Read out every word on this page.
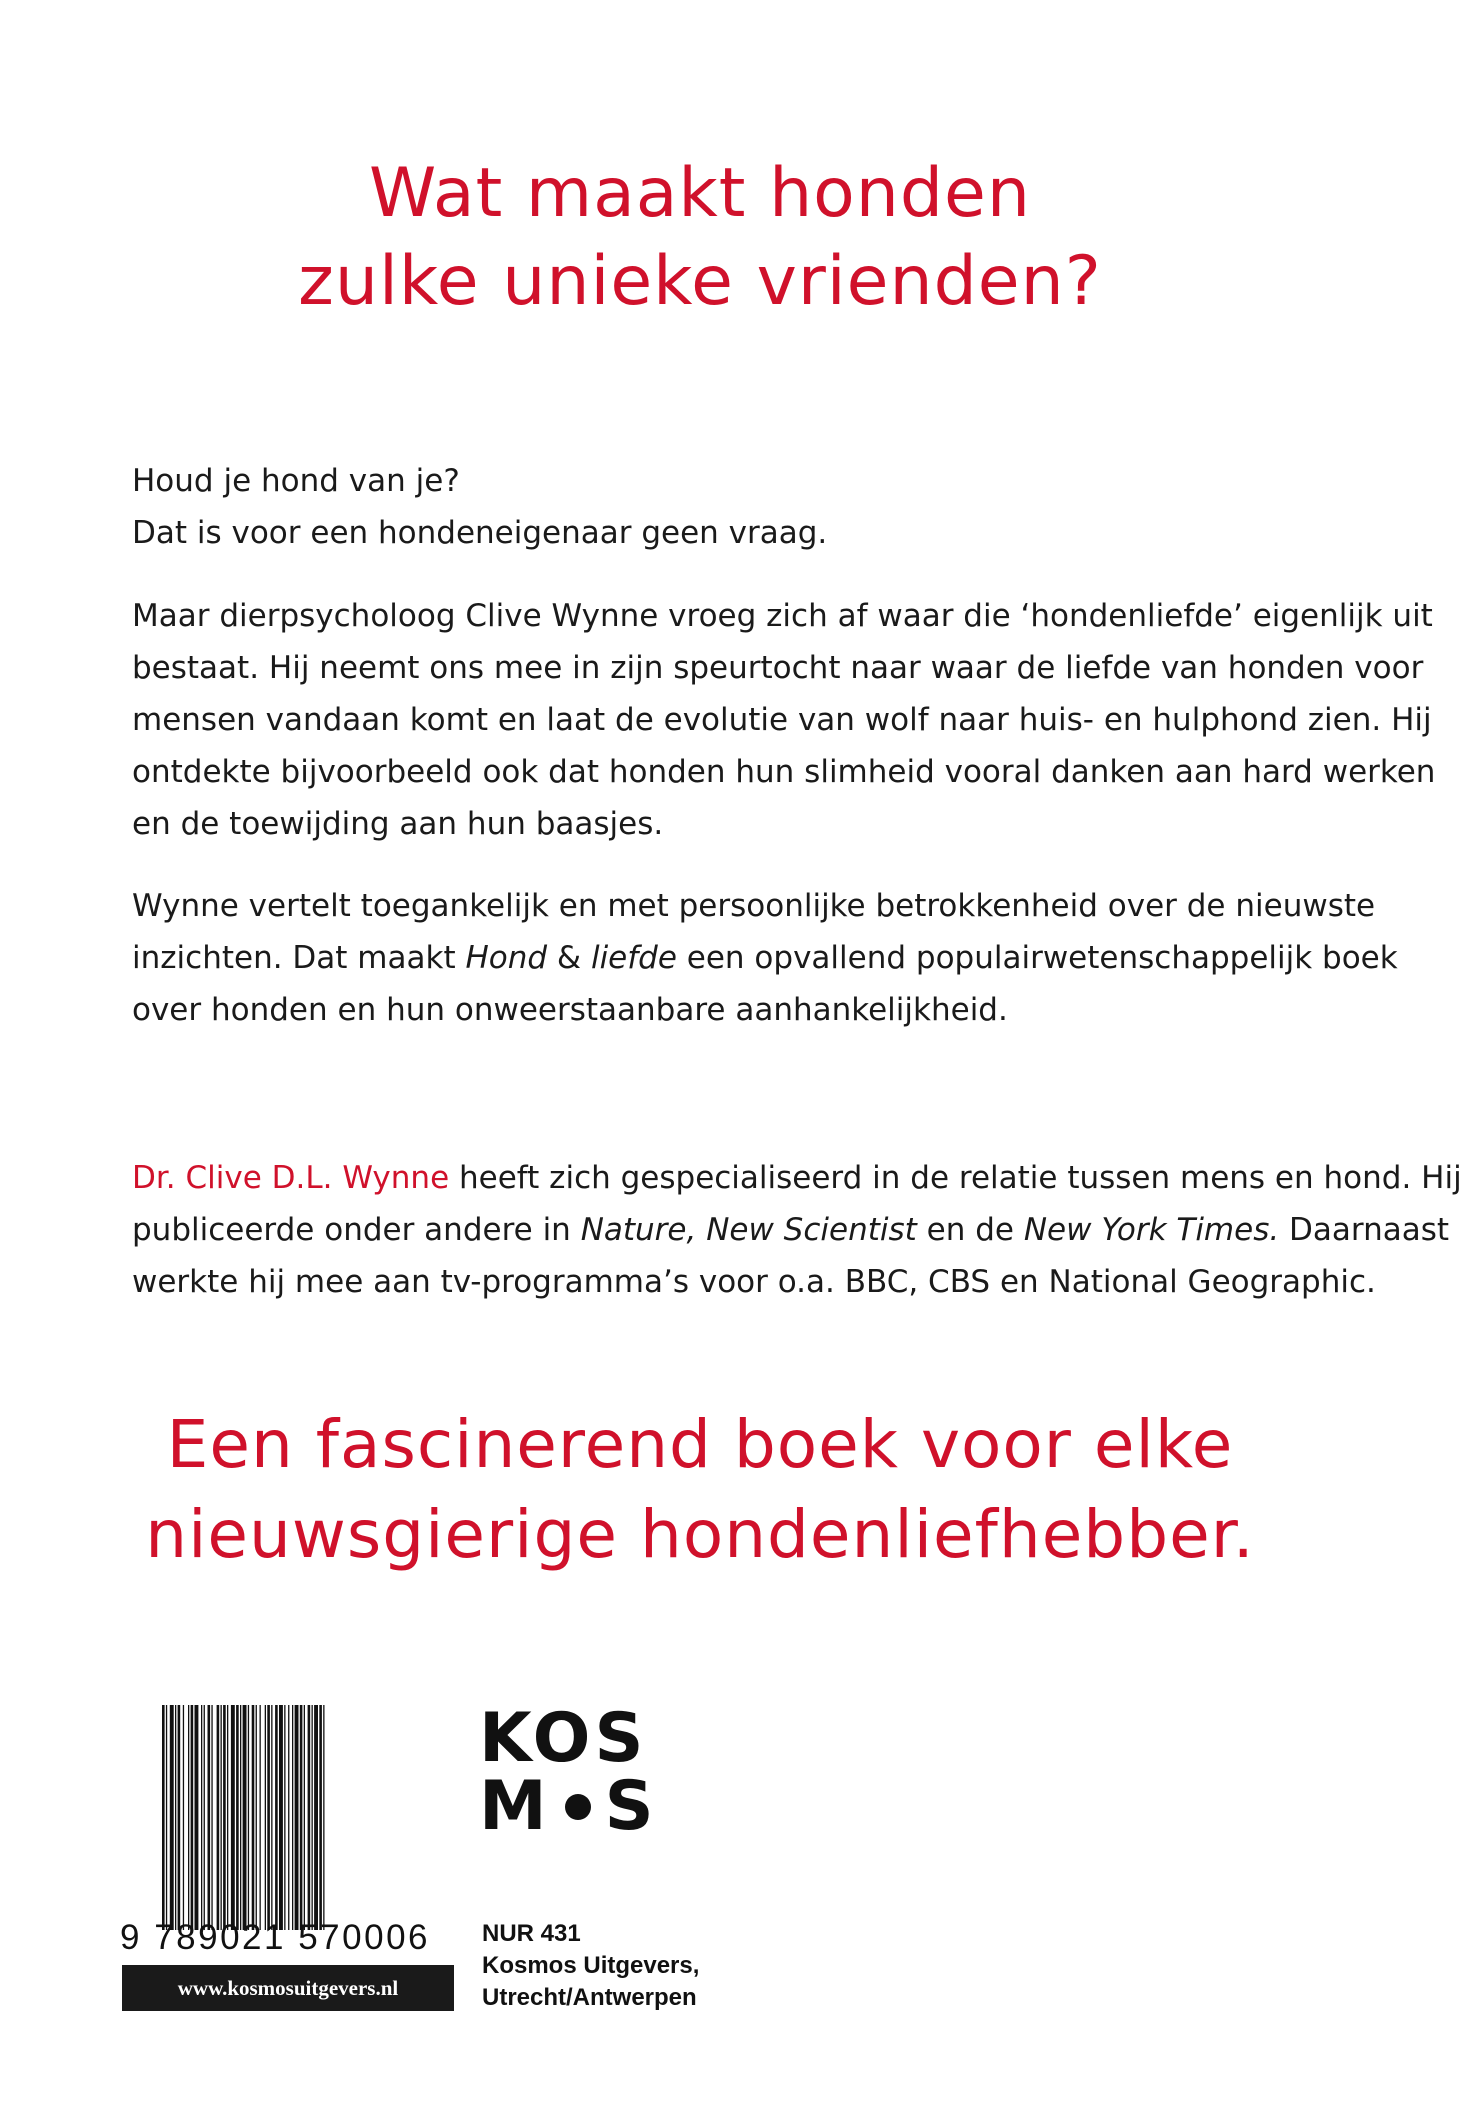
Wat maakt honden
zulke unieke vrienden?
Houd je hond van je?
Dat is voor een hondeneigenaar geen vraag.
Maar dierpsycholoog Clive Wynne vroeg zich af waar die ‘hondenliefde’ eigenlijk uit
bestaat. Hij neemt ons mee in zijn speurtocht naar waar de liefde van honden voor
mensen vandaan komt en laat de evolutie van wolf naar huis- en hulphond zien. Hij
ontdekte bijvoorbeeld ook dat honden hun slimheid vooral danken aan hard werken
en de toewijding aan hun baasjes.
Wynne vertelt toegankelijk en met persoonlijke betrokkenheid over de nieuwste
inzichten. Dat maakt Hond & liefde een opvallend populairwetenschappelijk boek
over honden en hun onweerstaanbare aanhankelijkheid.
Dr. Clive D.L. Wynne heeft zich gespecialiseerd in de relatie tussen mens en hond. Hij
publiceerde onder andere in Nature, New Scientist en de New York Times. Daarnaast
werkte hij mee aan tv-programma’s voor o.a. BBC, CBS en National Geographic.
Een fascinerend boek voor elke
nieuwsgierige hondenliefhebber.
9 789021 570006
www.kosmosuitgevers.nl
KOS
M S
NUR 431
Kosmos Uitgevers,
Utrecht/Antwerpen
